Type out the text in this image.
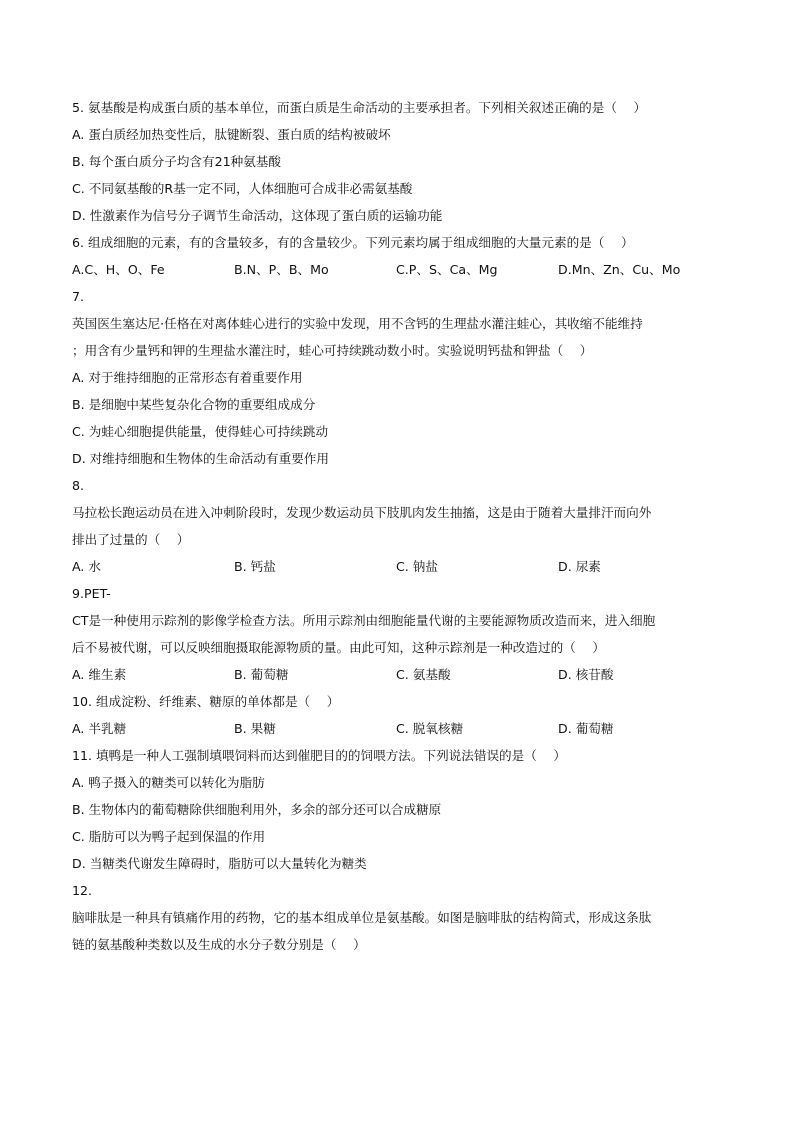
5. 氨基酸是构成蛋白质的基本单位，而蛋白质是生命活动的主要承担者。下列相关叙述正确的是（　 ）
A. 蛋白质经加热变性后，肽键断裂、蛋白质的结构被破坏
B. 每个蛋白质分子均含有21种氨基酸
C. 不同氨基酸的R基一定不同，人体细胞可合成非必需氨基酸
D. 性激素作为信号分子调节生命活动，这体现了蛋白质的运输功能
6. 组成细胞的元素，有的含量较多，有的含量较少。下列元素均属于组成细胞的大量元素的是（　 ）
A.C、H、O、Fe	B.N、P、B、Mo	C.P、S、Ca、Mg	D.Mn、Zn、Cu、Mo
7.
英国医生塞达尼·任格在对离体蛙心进行的实验中发现，用不含钙的生理盐水灌注蛙心，其收缩不能维持
；用含有少量钙和钾的生理盐水灌注时，蛙心可持续跳动数小时。实验说明钙盐和钾盐（　 ）
A. 对于维持细胞的正常形态有着重要作用
B. 是细胞中某些复杂化合物的重要组成成分
C. 为蛙心细胞提供能量，使得蛙心可持续跳动
D. 对维持细胞和生物体的生命活动有重要作用
8.
马拉松长跑运动员在进入冲刺阶段时，发现少数运动员下肢肌肉发生抽搐，这是由于随着大量排汗而向外
排出了过量的（　 ）
A. 水	B. 钙盐	C. 钠盐	D. 尿素
9.PET-
CT是一种使用示踪剂的影像学检查方法。所用示踪剂由细胞能量代谢的主要能源物质改造而来，进入细胞
后不易被代谢，可以反映细胞摄取能源物质的量。由此可知，这种示踪剂是一种改造过的（　 ）
A. 维生素	B. 葡萄糖	C. 氨基酸	D. 核苷酸
10. 组成淀粉、纤维素、糖原的单体都是（　 ）
A. 半乳糖	B. 果糖	C. 脱氧核糖	D. 葡萄糖
11. 填鸭是一种人工强制填喂饲料而达到催肥目的的饲喂方法。下列说法错误的是（　 ）
A. 鸭子摄入的糖类可以转化为脂肪
B. 生物体内的葡萄糖除供细胞利用外，多余的部分还可以合成糖原
C. 脂肪可以为鸭子起到保温的作用
D. 当糖类代谢发生障碍时，脂肪可以大量转化为糖类
12.
脑啡肽是一种具有镇痛作用的药物，它的基本组成单位是氨基酸。如图是脑啡肽的结构简式，形成这条肽
链的氨基酸种类数以及生成的水分子数分别是（　 ）
